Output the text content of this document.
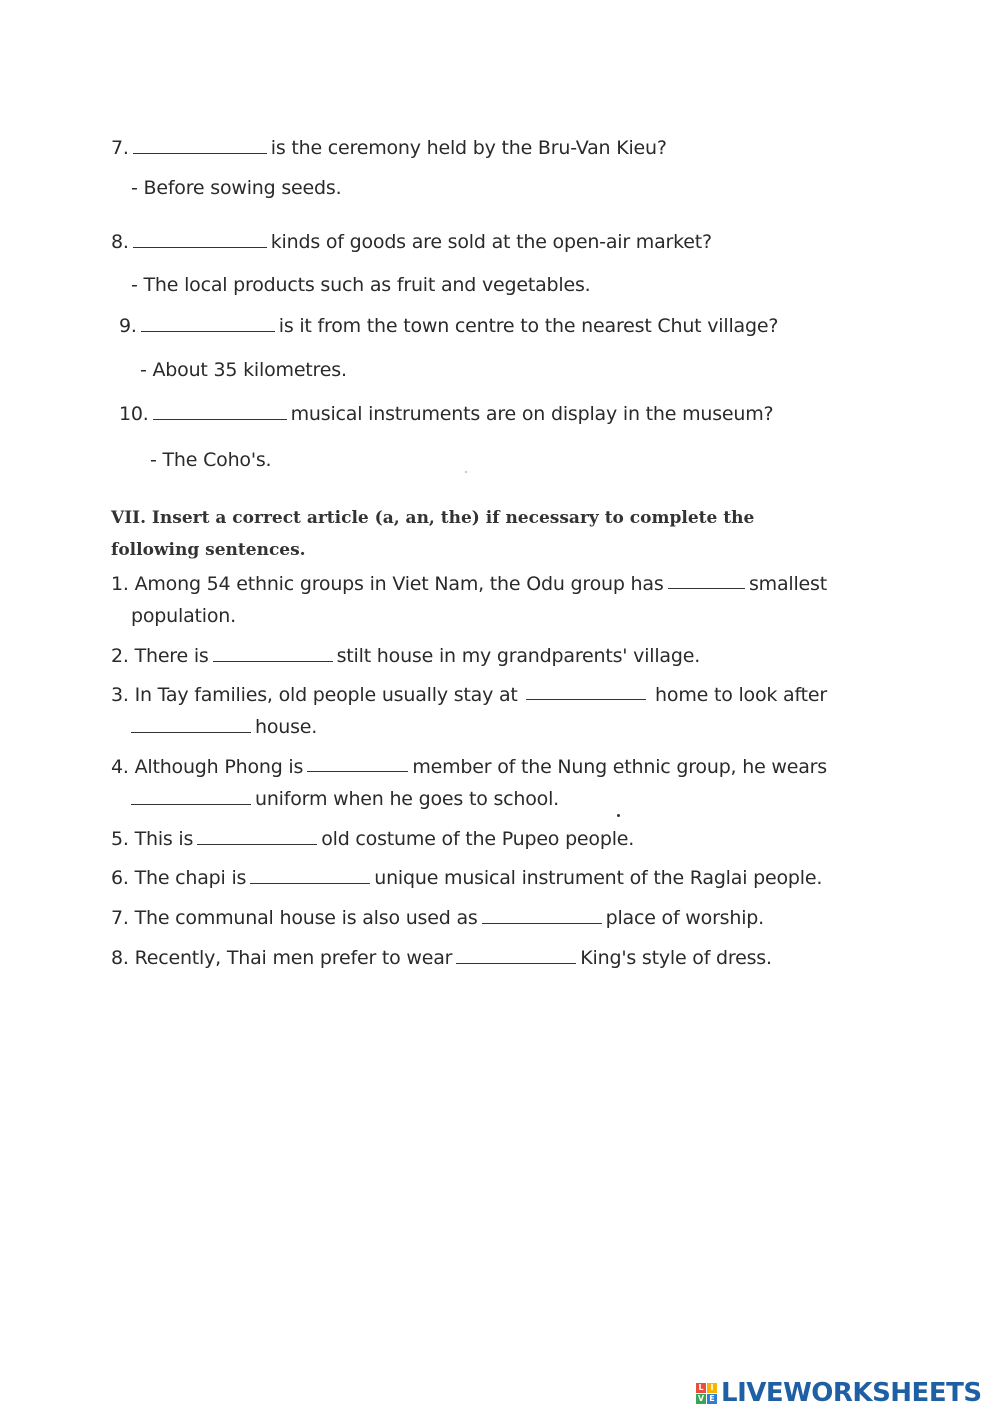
7.	is the ceremony held by the Bru-Van Kieu?
- Before sowing seeds.
8.	kinds of goods are sold at the open-air market?
- The local products such as fruit and vegetables.
9.	is it from the town centre to the nearest Chut village?
- About 35 kilometres.
10.	musical instruments are on display in the museum?
- The Coho's.
VII. Insert a correct article (a, an, the) if necessary to complete the following sentences.
1. Among 54 ethnic groups in Viet Nam, the Odu group has	smallest
population.
2. There is	stilt house in my grandparents' village.
3. In Tay families, old people usually stay at	home to look after
house.
4. Although Phong is	member of the Nung ethnic group, he wears
uniform when he goes to school.
5. This is	old costume of the Pupeo people.
6. The chapi is	unique musical instrument of the Raglai people.
7. The communal house is also used as	place of worship.
8. Recently, Thai men prefer to wear	King's style of dress.
L I
V E LIVEWORKSHEETS
